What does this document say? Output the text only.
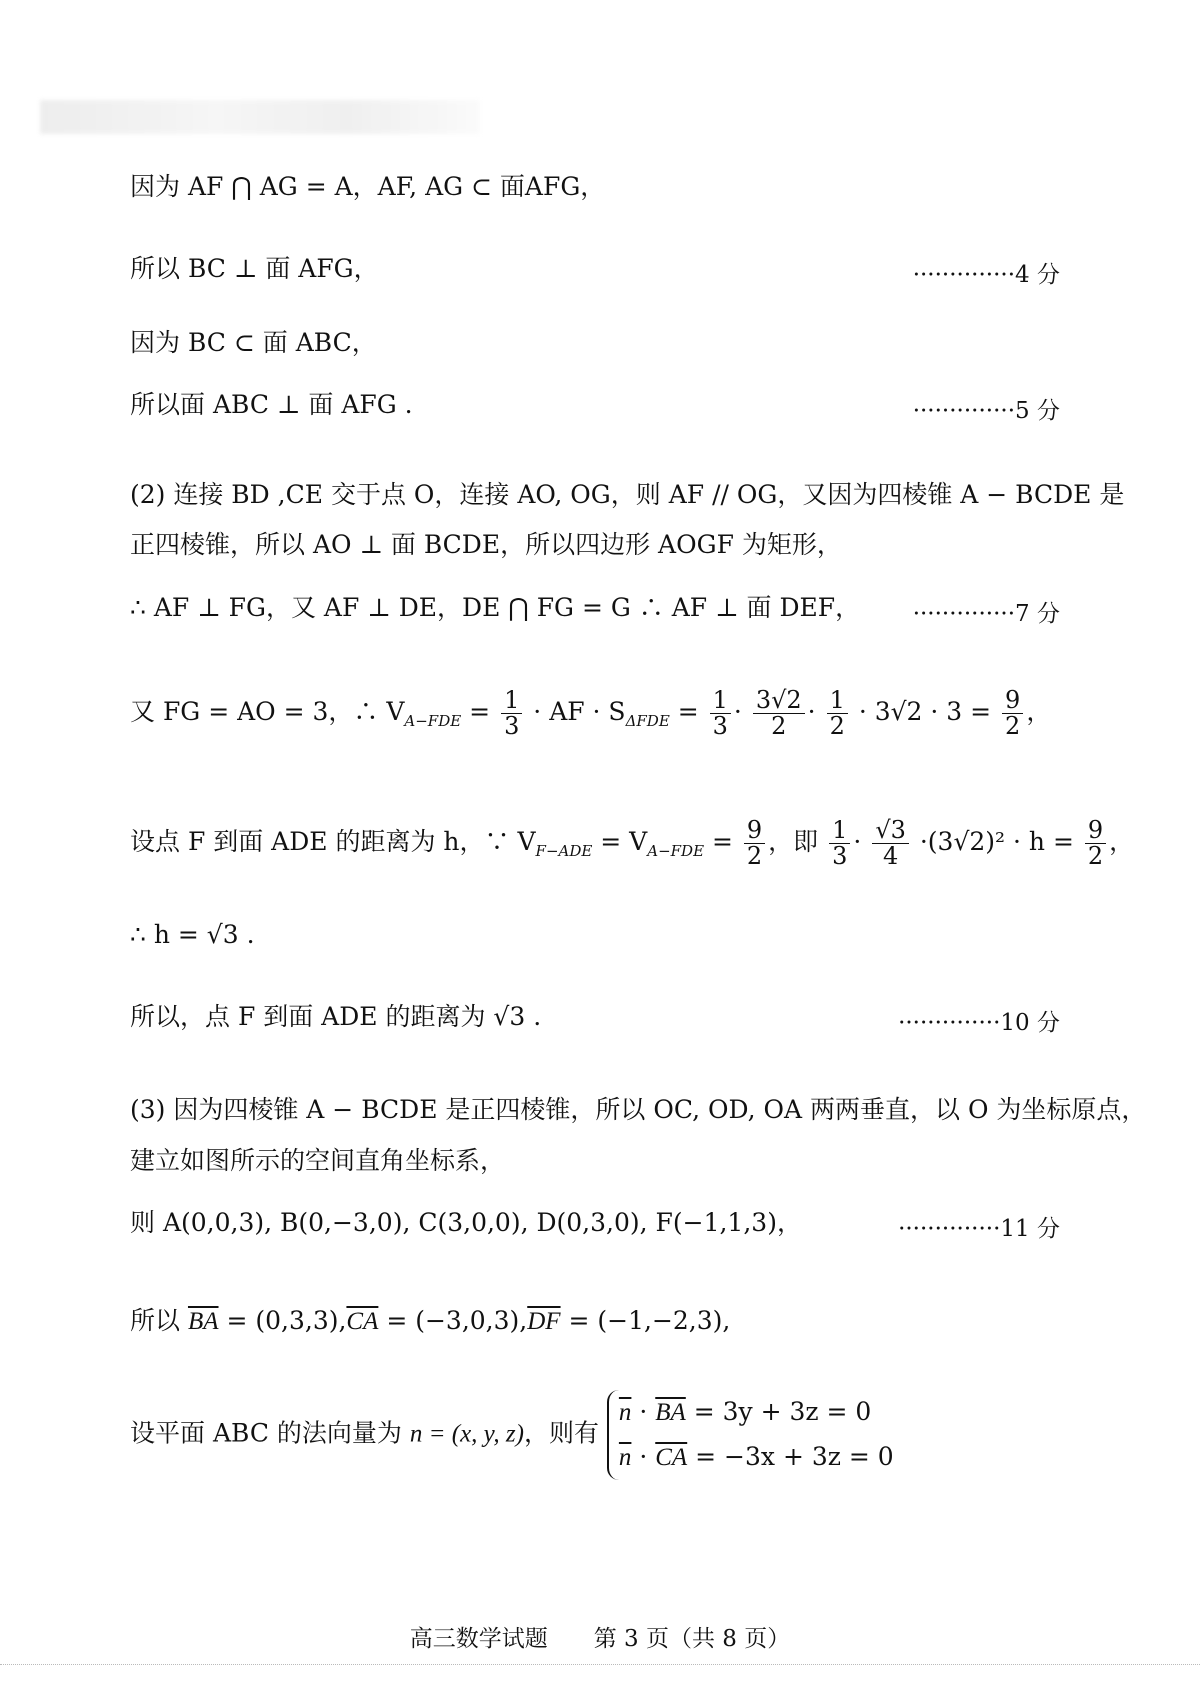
因为 AF ⋂ AG = A，AF, AG ⊂ 面AFG，
所以 BC ⊥ 面 AFG，	··············4 分
因为 BC ⊂ 面 ABC，
所以面 ABC ⊥ 面 AFG .	··············5 分
(2) 连接 BD ,CE 交于点 O，连接 AO, OG，则 AF // OG，又因为四棱锥 A − BCDE 是
正四棱锥，所以 AO ⊥ 面 BCDE，所以四边形 AOGF 为矩形，
∴ AF ⊥ FG，又 AF ⊥ DE，DE ⋂ FG = G ∴ AF ⊥ 面 DEF， ··············7 分
又 FG = AO = 3，∴ $V_{A-FDE} = \frac{1}{3}$ · AF · $S_{\Delta FDE} = \frac{1}{3} \cdot \frac{3√2}{2} \cdot \frac{1}{2} \cdot 3√2 \cdot 3 = \frac{9}{2}$ ，
设点 F 到面 ADE 的距离为 h，∵ $V_{F-ADE} = V_{A-FDE} = \frac{9}{2}$ ，即 $\frac{1}{3} \cdot \frac{√3}{4} \cdot(3√2)^2 \cdot h = \frac{9}{2}$ ，
∴ h = √3 .
所以，点 F 到面 ADE 的距离为 √3 .	··············10 分
(3) 因为四棱锥 A − BCDE 是正四棱锥，所以 OC, OD, OA 两两垂直，以 O 为坐标原点，
建立如图所示的空间直角坐标系，
则 A(0,0,3), B(0,−3,0), C(3,0,0), D(0,3,0), F(−1,1,3)，	··············11 分
所以 $\overline{BA} = (0,3,3),\overline{CA} = (-3,0,3),\overline{DF} = (-1,-2,3)$,
设平面 ABC 的法向量为 n = (x, y, z)，则有
$\overline{n} \cdot \overline{BA} = 3y + 3z = 0$
$\overline{n} \cdot \overline{CA} = -3x + 3z = 0$
高三数学试题　　第 3 页（共 8 页）
